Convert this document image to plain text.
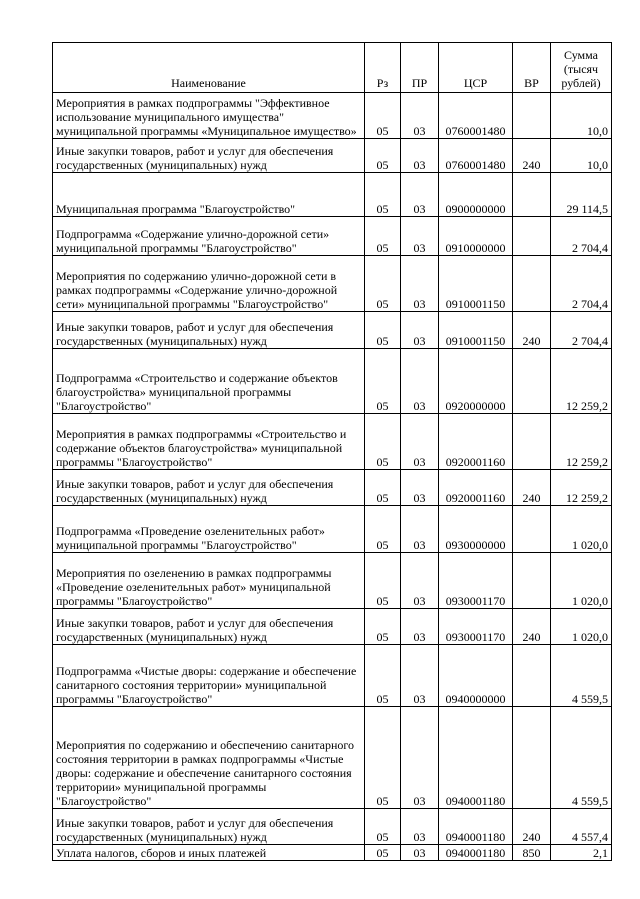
Наименование	Рз	ПР	ЦСР	ВР	Сумма (тысяч рублей)
Мероприятия в рамках подпрограммы "Эффективное использование муниципального имущества" муниципальной программы «Муниципальное имущество»	05	03	0760001480		10,0
Иные закупки товаров, работ и услуг для обеспечения государственных (муниципальных) нужд	05	03	0760001480	240	10,0
Муниципальная программа "Благоустройство"	05	03	0900000000		29 114,5
Подпрограмма «Содержание улично-дорожной сети» муниципальной программы "Благоустройство"	05	03	0910000000		2 704,4
Мероприятия по содержанию улично-дорожной сети в рамках подпрограммы «Содержание улично-дорожной сети» муниципальной программы "Благоустройство"	05	03	0910001150		2 704,4
Иные закупки товаров, работ и услуг для обеспечения государственных (муниципальных) нужд	05	03	0910001150	240	2 704,4
Подпрограмма «Строительство и содержание объектов благоустройства» муниципальной программы "Благоустройство"	05	03	0920000000		12 259,2
Мероприятия в рамках подпрограммы «Строительство и содержание объектов благоустройства» муниципальной программы "Благоустройство"	05	03	0920001160		12 259,2
Иные закупки товаров, работ и услуг для обеспечения государственных (муниципальных) нужд	05	03	0920001160	240	12 259,2
Подпрограмма «Проведение озеленительных работ» муниципальной программы "Благоустройство"	05	03	0930000000		1 020,0
Мероприятия по озеленению в рамках подпрограммы «Проведение озеленительных работ» муниципальной программы "Благоустройство"	05	03	0930001170		1 020,0
Иные закупки товаров, работ и услуг для обеспечения государственных (муниципальных) нужд	05	03	0930001170	240	1 020,0
Подпрограмма «Чистые дворы: содержание и обеспечение санитарного состояния территории» муниципальной программы "Благоустройство"	05	03	0940000000		4 559,5
Мероприятия по содержанию и обеспечению санитарного состояния территории в рамках подпрограммы «Чистые дворы: содержание и обеспечение санитарного состояния территории» муниципальной программы "Благоустройство"	05	03	0940001180		4 559,5
Иные закупки товаров, работ и услуг для обеспечения государственных (муниципальных) нужд	05	03	0940001180	240	4 557,4
Уплата налогов, сборов и иных платежей	05	03	0940001180	850	2,1
